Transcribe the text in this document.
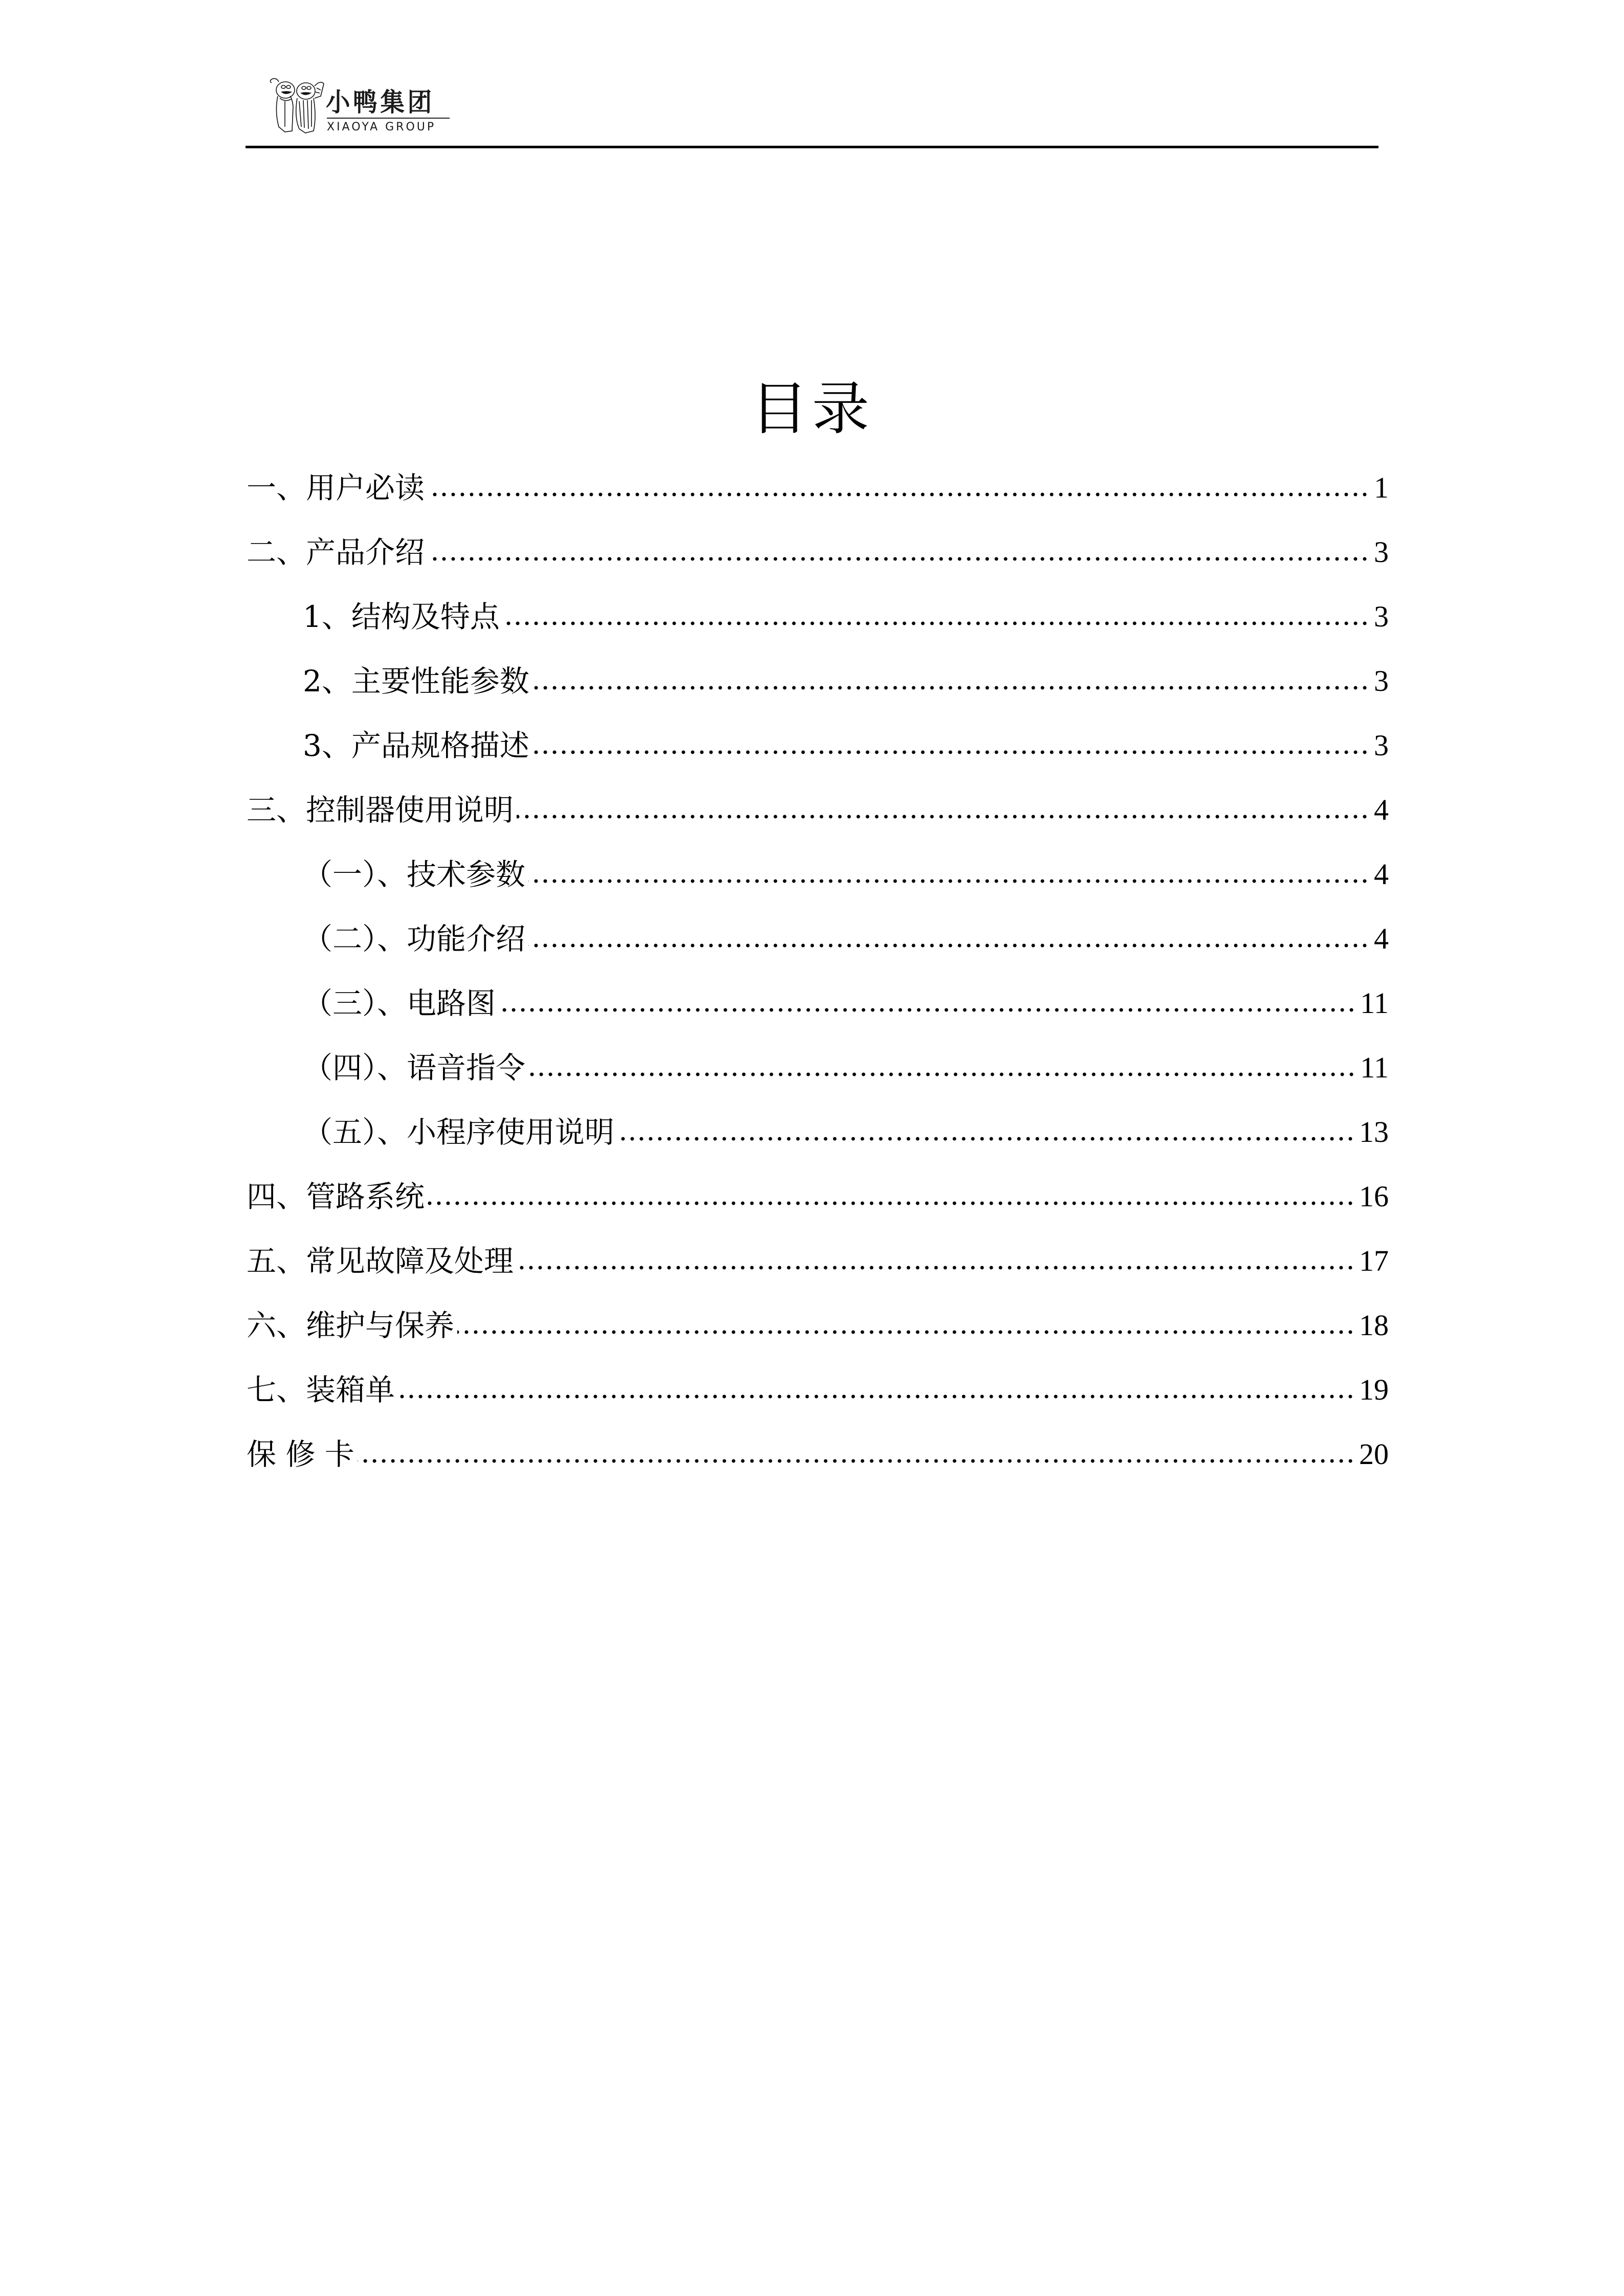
小鸭集团
XIAOYA GROUP
目录
一、用户必读	1
二、产品介绍	3
1、结构及特点	3
2、主要性能参数	3
3、产品规格描述	3
三、控制器使用说明	4
（一）、技术参数	4
（二）、功能介绍	4
（三）、电路图	11
（四）、语音指令	11
（五）、小程序使用说明	13
四、管路系统	16
五、常见故障及处理	17
六、维护与保养	18
七、装箱单	19
保 修 卡	20
